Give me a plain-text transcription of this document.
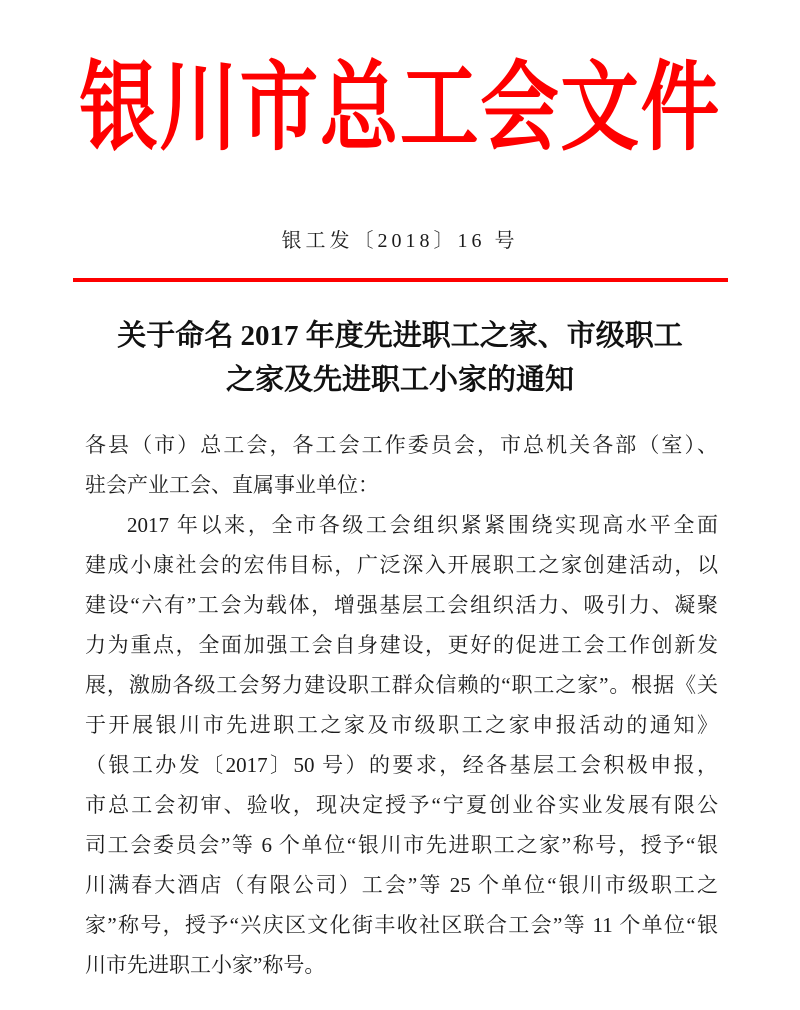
银川市总工会文件
银工发〔2018〕16 号
关于命名 2017 年度先进职工之家、市级职工
之家及先进职工小家的通知
各县（市）总工会，各工会工作委员会，市总机关各部（室）、
驻会产业工会、直属事业单位：
2017 年以来，全市各级工会组织紧紧围绕实现高水平全面
建成小康社会的宏伟目标，广泛深入开展职工之家创建活动，以
建设“六有”工会为载体，增强基层工会组织活力、吸引力、凝聚
力为重点，全面加强工会自身建设，更好的促进工会工作创新发
展，激励各级工会努力建设职工群众信赖的“职工之家”。根据《关
于开展银川市先进职工之家及市级职工之家申报活动的通知》
（银工办发〔2017〕50 号）的要求，经各基层工会积极申报，
市总工会初审、验收，现决定授予“宁夏创业谷实业发展有限公
司工会委员会”等 6 个单位“银川市先进职工之家”称号，授予“银
川满春大酒店（有限公司）工会”等 25 个单位“银川市级职工之
家”称号，授予“兴庆区文化街丰收社区联合工会”等 11 个单位“银
川市先进职工小家”称号。
